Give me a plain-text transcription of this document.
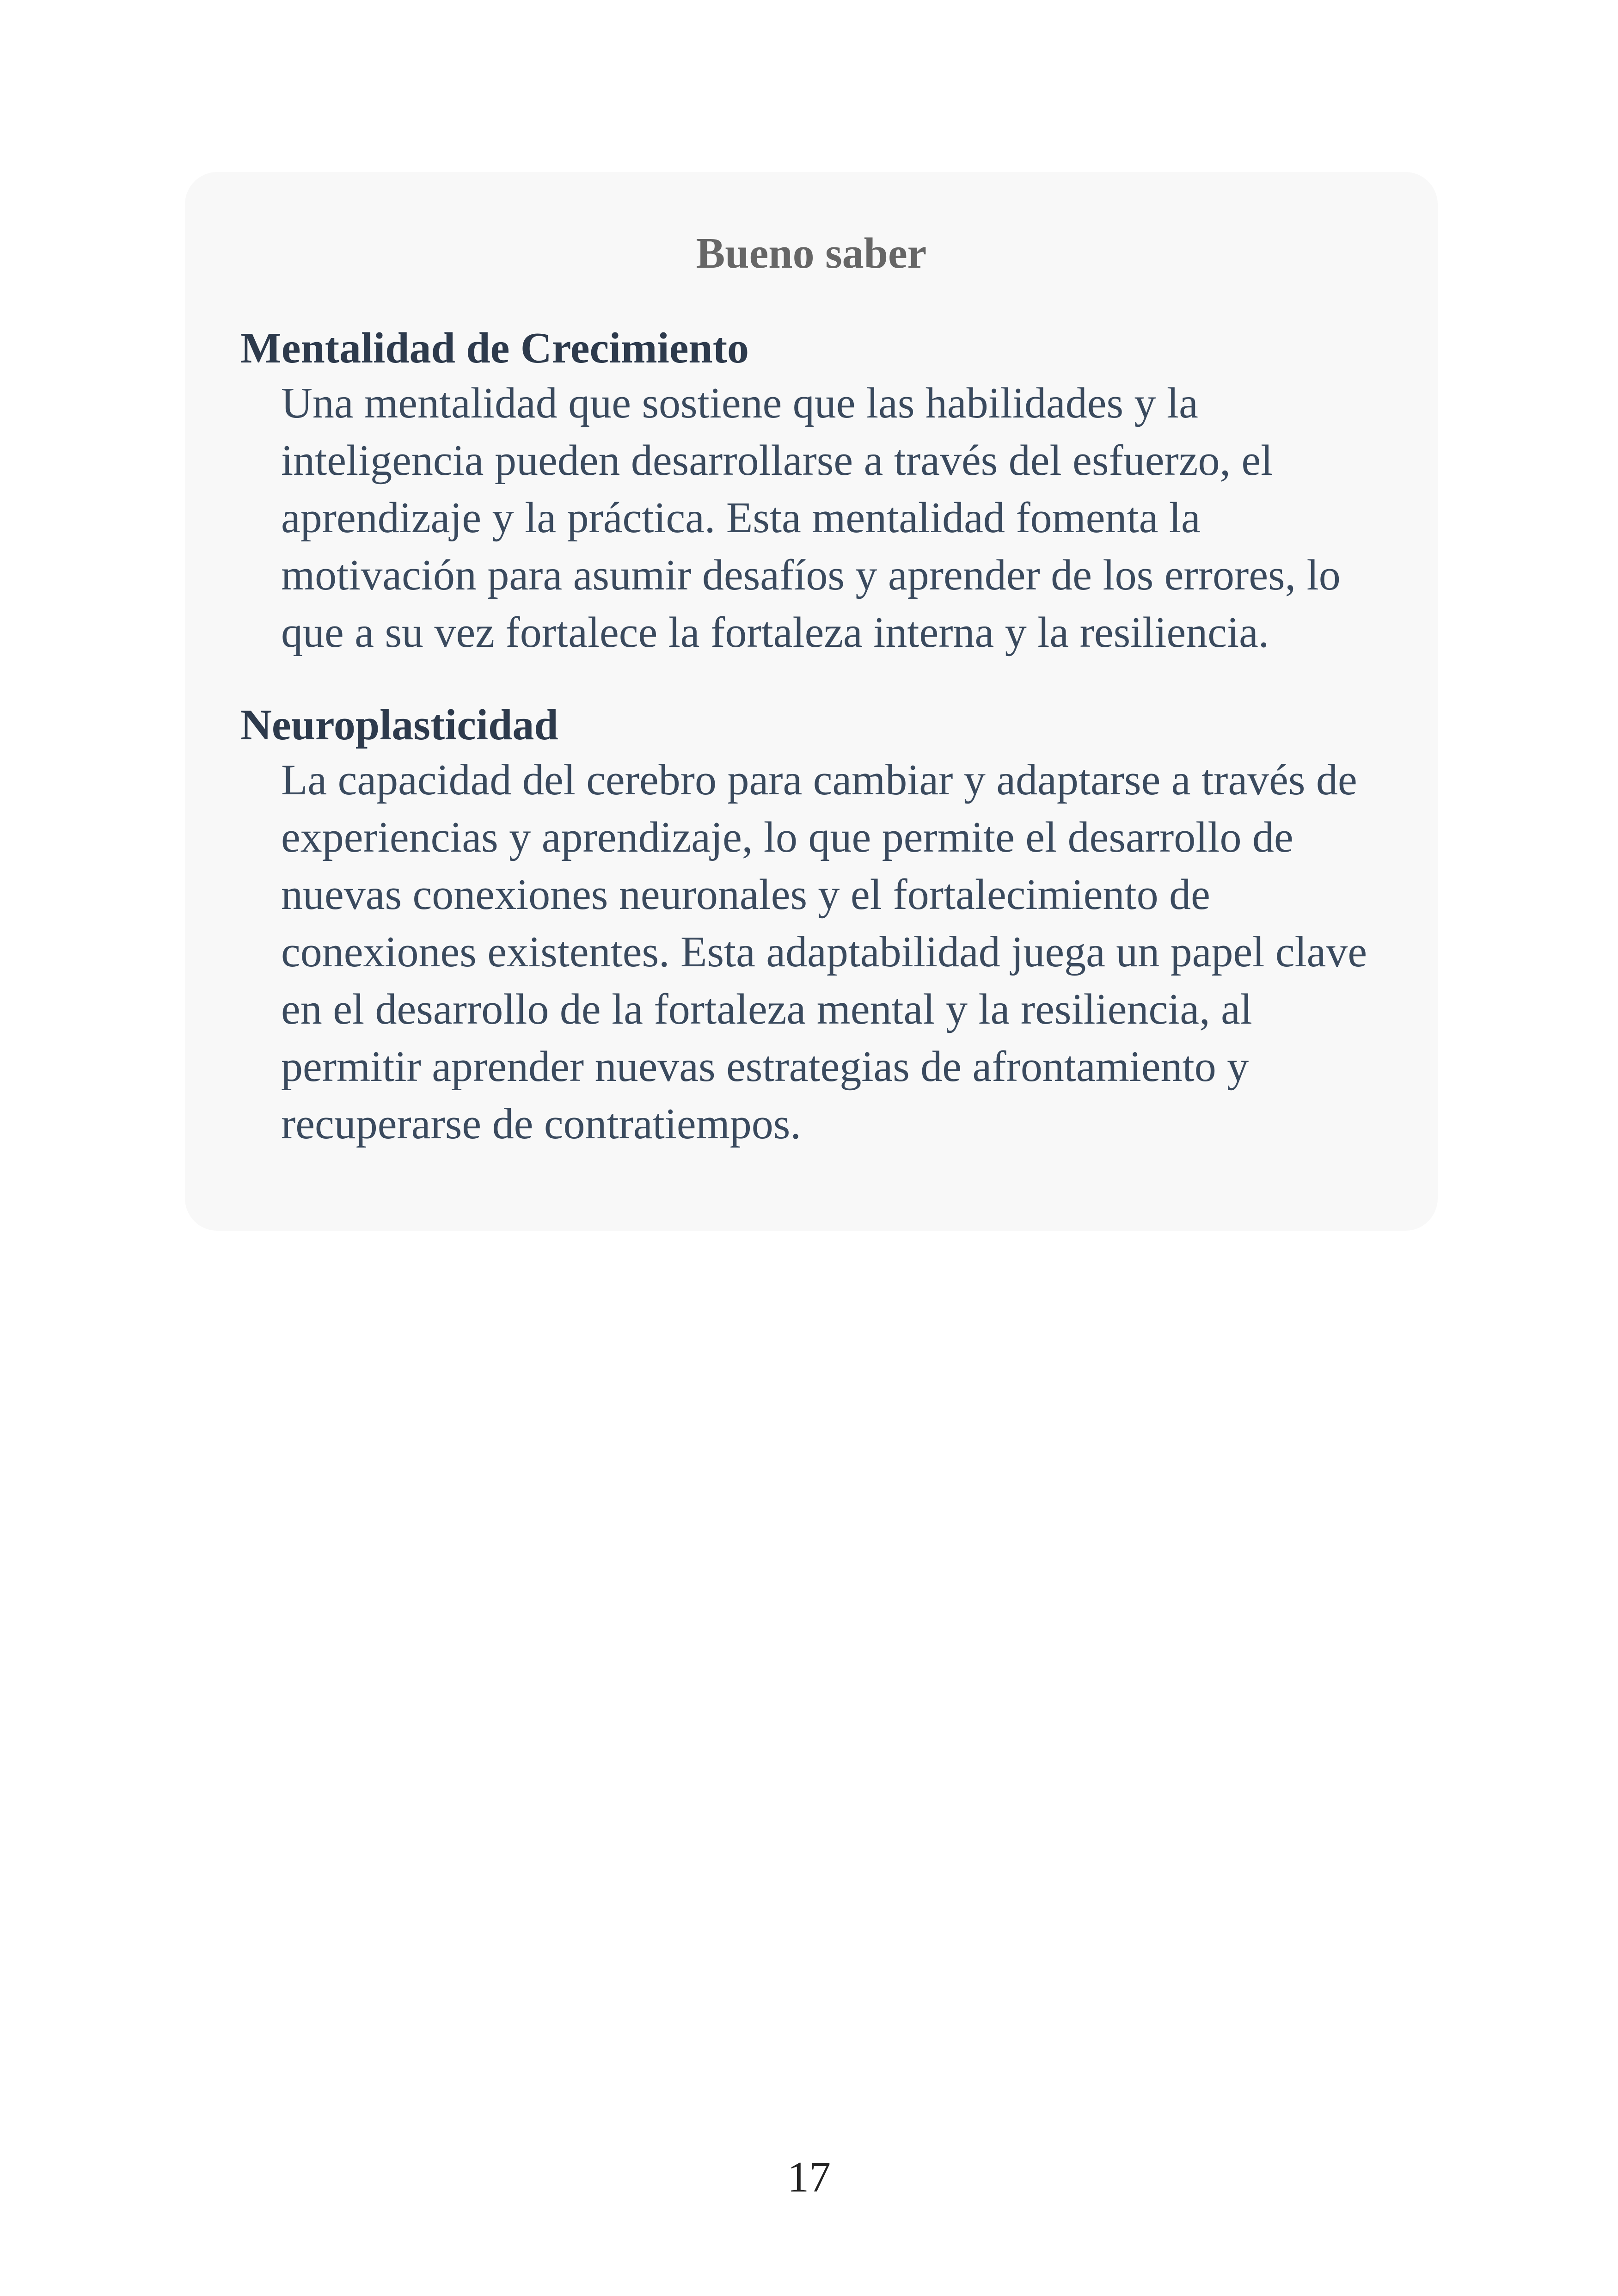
Bueno saber
Mentalidad de Crecimiento
Una mentalidad que sostiene que las habilidades y la inteligencia pueden desarrollarse a través del esfuerzo, el aprendizaje y la práctica. Esta mentalidad fomenta la motivación para asumir desafíos y aprender de los errores, lo que a su vez fortalece la fortaleza interna y la resiliencia.
Neuroplasticidad
La capacidad del cerebro para cambiar y adaptarse a través de experiencias y aprendizaje, lo que permite el desarrollo de nuevas conexiones neuronales y el fortalecimiento de conexiones existentes. Esta adaptabilidad juega un papel clave en el desarrollo de la fortaleza mental y la resiliencia, al permitir aprender nuevas estrategias de afrontamiento y recuperarse de contratiempos.
17
